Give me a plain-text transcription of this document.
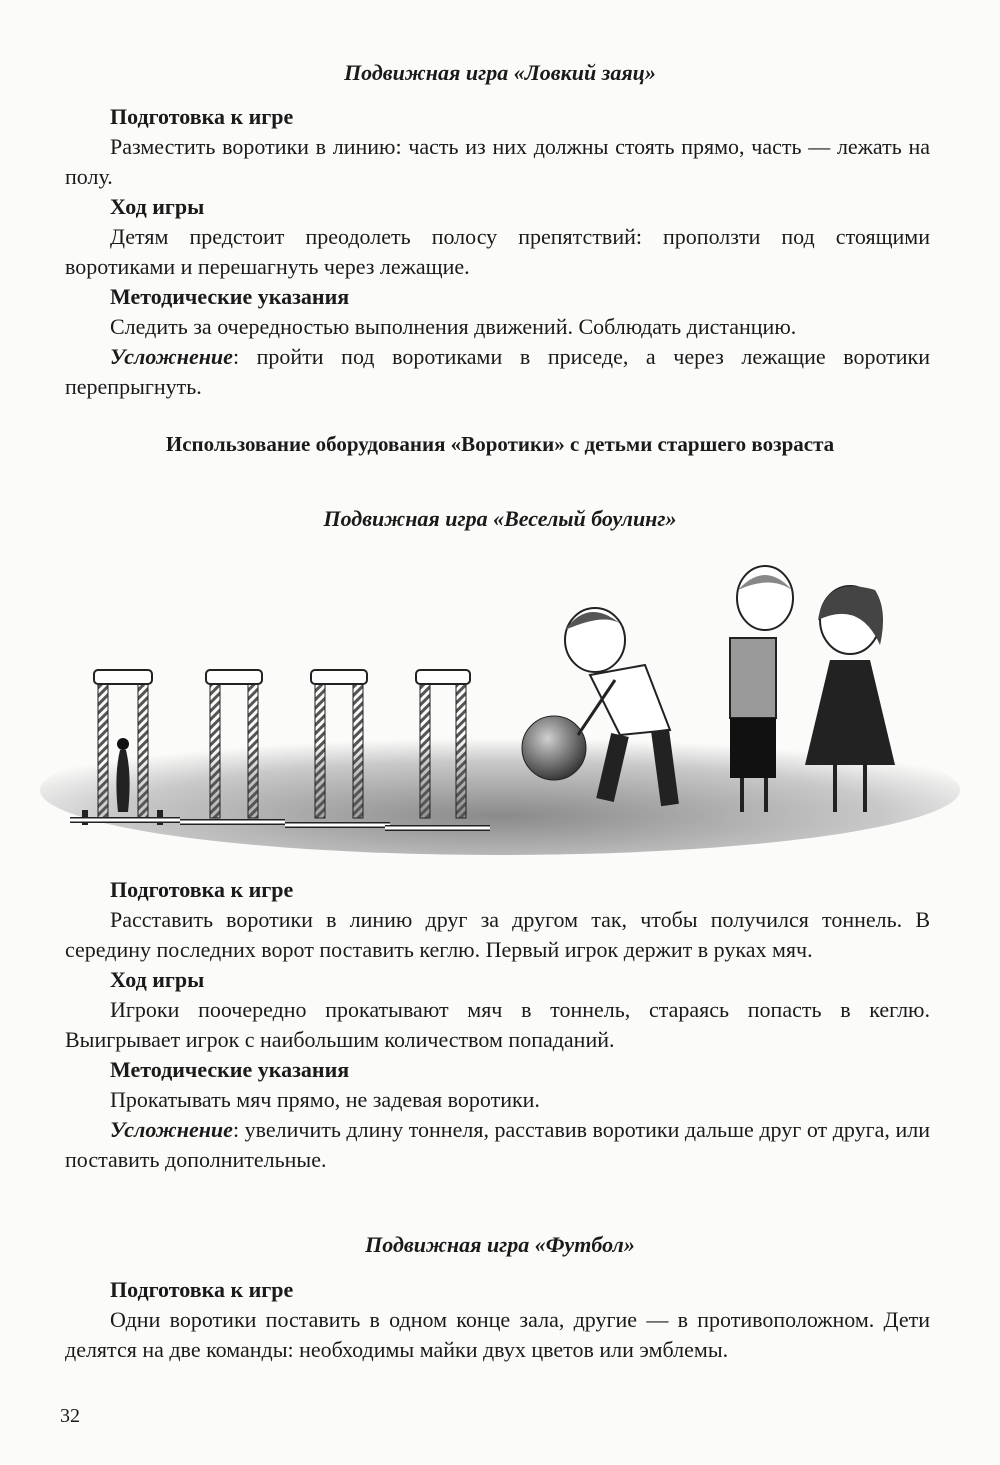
Подвижная игра «Ловкий заяц»

Подготовка к игре

Разместить воротики в линию: часть из них должны стоять прямо, часть — лежать на полу.

Ход игры

Детям предстоит преодолеть полосу препятствий: проползти под стоящими воротиками и перешагнуть через лежащие.

Методические указания

Следить за очередностью выполнения движений. Соблюдать дистанцию.

Усложнение: пройти под воротиками в приседе, а через лежащие воротики перепрыгнуть.

Использование оборудования «Воротики» с детьми старшего возраста
Подвижная игра «Веселый боулинг»

Подготовка к игре

Расставить воротики в линию друг за другом так, чтобы получился тоннель. В середину последних ворот поставить кеглю. Первый игрок держит в руках мяч.

Ход игры

Игроки поочередно прокатывают мяч в тоннель, стараясь попасть в кеглю. Выигрывает игрок с наибольшим количеством попаданий.

Методические указания

Прокатывать мяч прямо, не задевая воротики.

Усложнение: увеличить длину тоннеля, расставив воротики дальше друг от друга, или поставить дополнительные.

Подвижная игра «Футбол»

Подготовка к игре

Одни воротики поставить в одном конце зала, другие — в противоположном. Дети делятся на две команды: необходимы майки двух цветов или эмблемы.

32
